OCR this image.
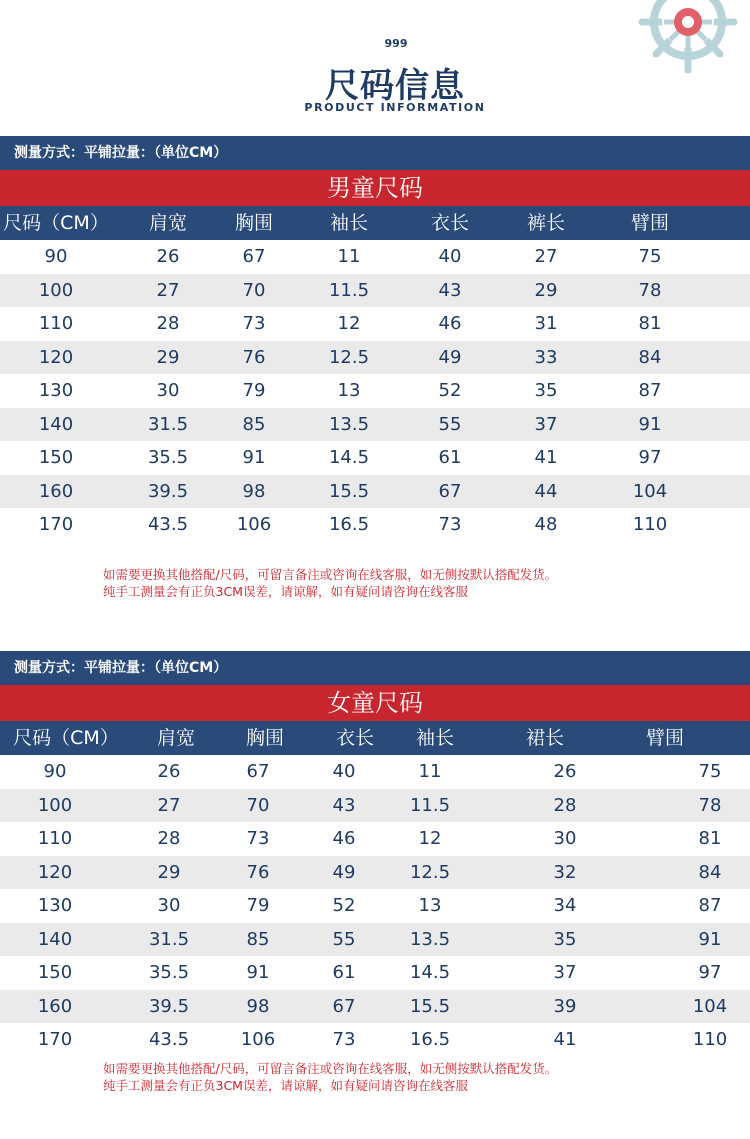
999
尺码信息
PRODUCT INFORMATION
测量方式：平铺拉量：（单位CM）
男童尺码
尺码（CM）	肩宽	胸围	袖长	衣长	裤长	臂围
90	26	67	11	40	27	75
100	27	70	11.5	43	29	78
110	28	73	12	46	31	81
120	29	76	12.5	49	33	84
130	30	79	13	52	35	87
140	31.5	85	13.5	55	37	91
150	35.5	91	14.5	61	41	97
160	39.5	98	15.5	67	44	104
170	43.5	106	16.5	73	48	110
如需要更换其他搭配/尺码，可留言备注或咨询在线客服，如无侧按默认搭配发货。
纯手工测量会有正负3CM误差，请谅解，如有疑问请咨询在线客服
测量方式：平铺拉量：（单位CM）
女童尺码
尺码（CM）	肩宽	胸围	衣长	袖长	裙长	臂围
90	26	67	40	11	26	75
100	27	70	43	11.5	28	78
110	28	73	46	12	30	81
120	29	76	49	12.5	32	84
130	30	79	52	13	34	87
140	31.5	85	55	13.5	35	91
150	35.5	91	61	14.5	37	97
160	39.5	98	67	15.5	39	104
170	43.5	106	73	16.5	41	110
如需要更换其他搭配/尺码，可留言备注或咨询在线客服，如无侧按默认搭配发货。
纯手工测量会有正负3CM误差，请谅解，如有疑问请咨询在线客服
